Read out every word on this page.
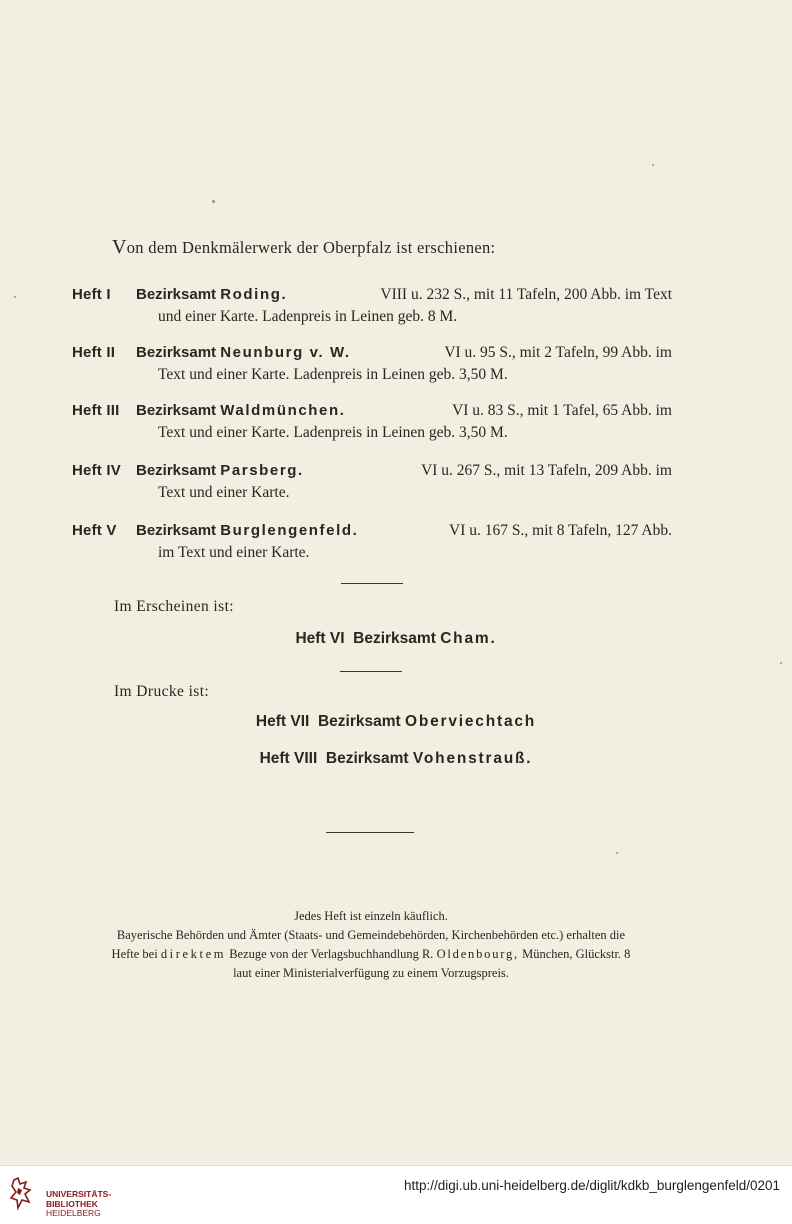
Von dem Denkmälerwerk der Oberpfalz ist erschienen:
Heft I Bezirksamt Roding.	VIII u. 232 S., mit 11 Tafeln, 200 Abb. im Text
und einer Karte. Ladenpreis in Leinen geb. 8 M.
Heft II Bezirksamt Neunburg v. W.	VI u. 95 S., mit 2 Tafeln, 99 Abb. im
Text und einer Karte. Ladenpreis in Leinen geb. 3,50 M.
Heft III Bezirksamt Waldmünchen.	VI u. 83 S., mit 1 Tafel, 65 Abb. im
Text und einer Karte. Ladenpreis in Leinen geb. 3,50 M.
Heft IV Bezirksamt Parsberg.	VI u. 267 S., mit 13 Tafeln, 209 Abb. im
Text und einer Karte.
Heft V Bezirksamt Burglengenfeld.	VI u. 167 S., mit 8 Tafeln, 127 Abb.
im Text und einer Karte.
Im Erscheinen ist:
Heft VI Bezirksamt Cham.
Im Drucke ist:
Heft VII Bezirksamt Oberviechtach
Heft VIII Bezirksamt Vohenstrauß.
Jedes Heft ist einzeln käuflich.
Bayerische Behörden und Ämter (Staats- und Gemeindebehörden, Kirchenbehörden etc.) erhalten die
Hefte bei direktem Bezuge von der Verlagsbuchhandlung R. Oldenbourg, München, Glückstr. 8
laut einer Ministerialverfügung zu einem Vorzugspreis.
UNIVERSITÄTS-
BIBLIOTHEK
HEIDELBERG
http://digi.ub.uni-heidelberg.de/diglit/kdkb_burglengenfeld/0201
